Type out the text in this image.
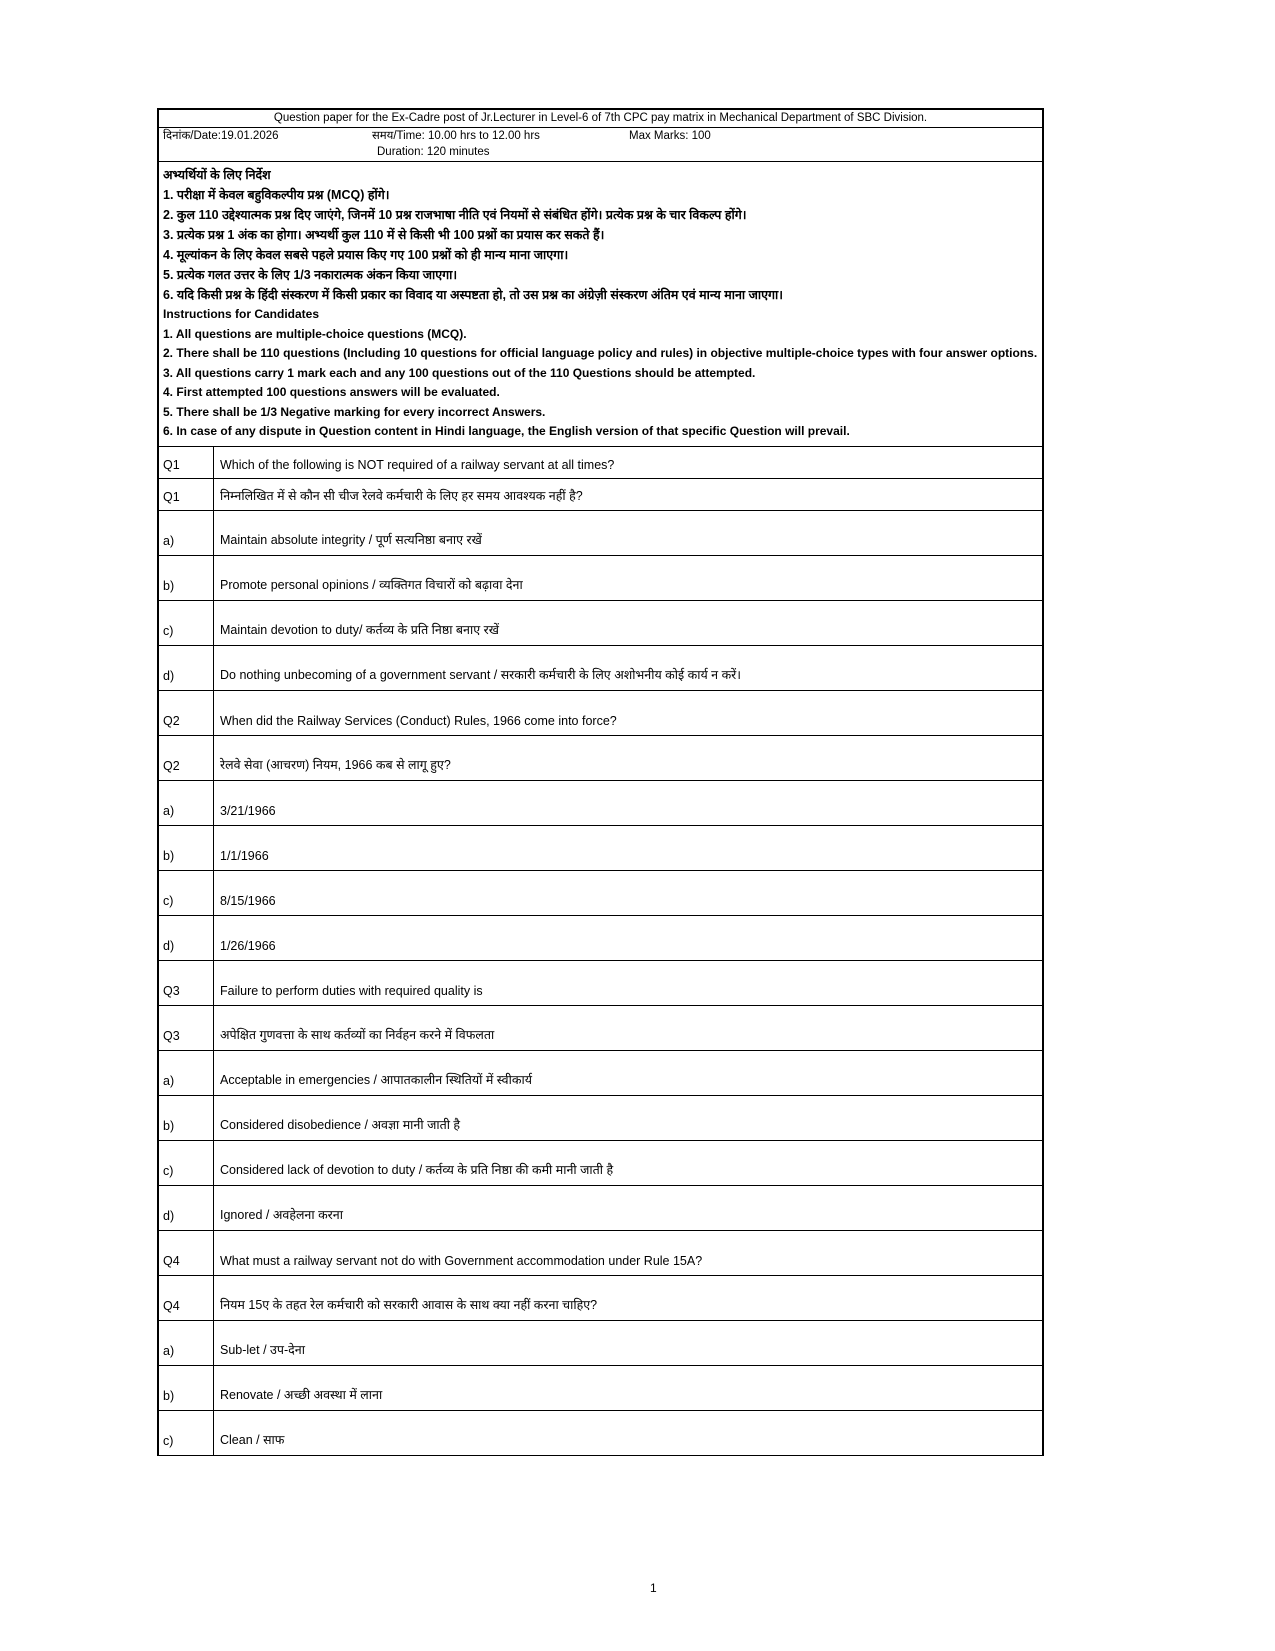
Question paper for the Ex-Cadre post of Jr.Lecturer in Level-6 of 7th CPC pay matrix in Mechanical Department of SBC Division.
दिनांक/Date:19.01.2026	समय/Time: 10.00 hrs to 12.00 hrs	Max Marks: 100
Duration: 120 minutes
अभ्यर्थियों के लिए निर्देश
1. परीक्षा में केवल बहुविकल्पीय प्रश्न (MCQ) होंगे।
2. कुल 110 उद्देश्यात्मक प्रश्न दिए जाएंगे, जिनमें 10 प्रश्न राजभाषा नीति एवं नियमों से संबंधित होंगे। प्रत्येक प्रश्न के चार विकल्प होंगे।
3. प्रत्येक प्रश्न 1 अंक का होगा। अभ्यर्थी कुल 110 में से किसी भी 100 प्रश्नों का प्रयास कर सकते हैं।
4. मूल्यांकन के लिए केवल सबसे पहले प्रयास किए गए 100 प्रश्नों को ही मान्य माना जाएगा।
5. प्रत्येक गलत उत्तर के लिए 1/3 नकारात्मक अंकन किया जाएगा।
6. यदि किसी प्रश्न के हिंदी संस्करण में किसी प्रकार का विवाद या अस्पष्टता हो, तो उस प्रश्न का अंग्रेज़ी संस्करण अंतिम एवं मान्य माना जाएगा।
Instructions for Candidates
1. All questions are multiple-choice questions (MCQ).
2. There shall be 110 questions (Including 10 questions for official language policy and rules) in objective multiple-choice types with four answer options.
3. All questions carry 1 mark each and any 100 questions out of the 110 Questions should be attempted.
4. First attempted 100 questions answers will be evaluated.
5. There shall be 1/3 Negative marking for every incorrect Answers.
6. In case of any dispute in Question content in Hindi language, the English version of that specific Question will prevail.
Q1	Which of the following is NOT required of a railway servant at all times?
Q1	निम्नलिखित में से कौन सी चीज रेलवे कर्मचारी के लिए हर समय आवश्यक नहीं है?
a)	Maintain absolute integrity / पूर्ण सत्यनिष्ठा बनाए रखें
b)	Promote personal opinions / व्यक्तिगत विचारों को बढ़ावा देना
c)	Maintain devotion to duty/ कर्तव्य के प्रति निष्ठा बनाए रखें
d)	Do nothing unbecoming of a government servant / सरकारी कर्मचारी के लिए अशोभनीय कोई कार्य न करें।
Q2	When did the Railway Services (Conduct) Rules, 1966 come into force?
Q2	रेलवे सेवा (आचरण) नियम, 1966 कब से लागू हुए?
a)	3/21/1966
b)	1/1/1966
c)	8/15/1966
d)	1/26/1966
Q3	Failure to perform duties with required quality is
Q3	अपेक्षित गुणवत्ता के साथ कर्तव्यों का निर्वहन करने में विफलता
a)	Acceptable in emergencies / आपातकालीन स्थितियों में स्वीकार्य
b)	Considered disobedience / अवज्ञा मानी जाती है
c)	Considered lack of devotion to duty / कर्तव्य के प्रति निष्ठा की कमी मानी जाती है
d)	Ignored / अवहेलना करना
Q4	What must a railway servant not do with Government accommodation under Rule 15A?
Q4	नियम 15ए के तहत रेल कर्मचारी को सरकारी आवास के साथ क्या नहीं करना चाहिए?
a)	Sub-let / उप-देना
b)	Renovate / अच्छी अवस्था में लाना
c)	Clean / साफ
1
